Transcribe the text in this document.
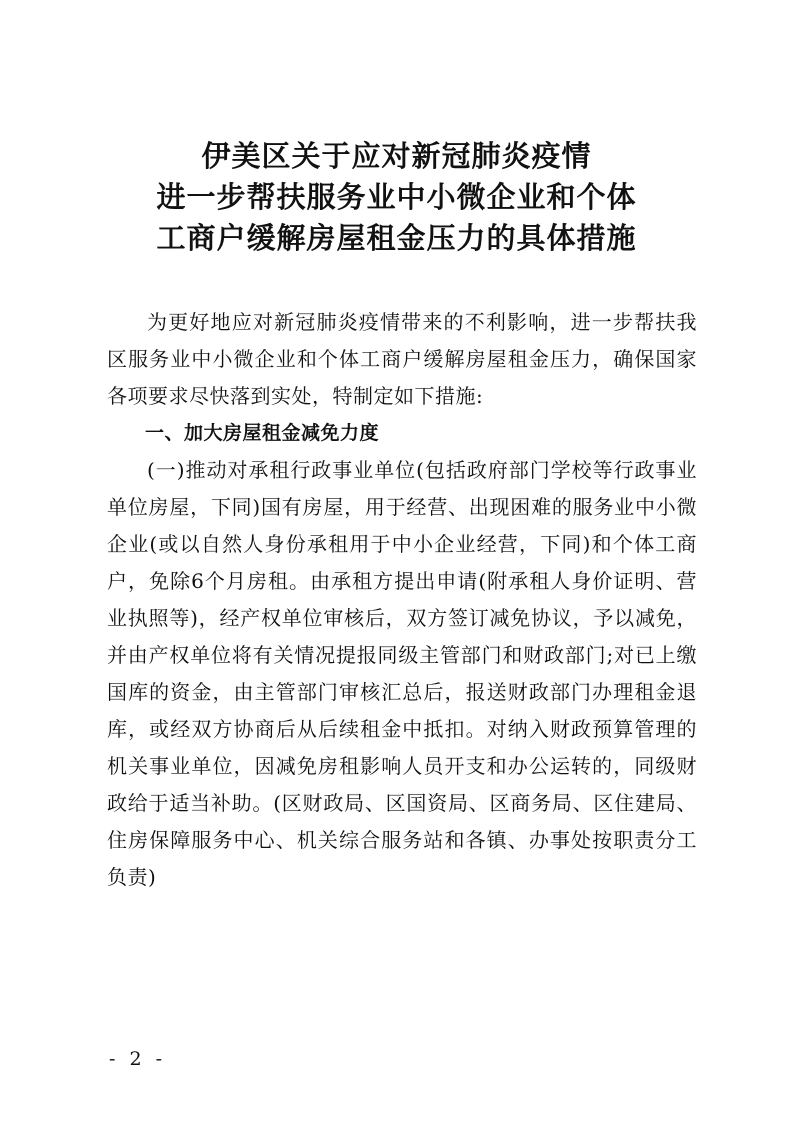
伊美区关于应对新冠肺炎疫情
进一步帮扶服务业中小微企业和个体
工商户缓解房屋租金压力的具体措施

为更好地应对新冠肺炎疫情带来的不利影响，进一步帮扶我区服务业中小微企业和个体工商户缓解房屋租金压力，确保国家各项要求尽快落到实处，特制定如下措施:

一、加大房屋租金减免力度

(一)推动对承租行政事业单位(包括政府部门学校等行政事业单位房屋，下同)国有房屋，用于经营、出现困难的服务业中小微企业(或以自然人身份承租用于中小企业经营，下同)和个体工商户，免除6个月房租。由承租方提出申请(附承租人身价证明、营业执照等)，经产权单位审核后，双方签订减免协议，予以减免，并由产权单位将有关情况提报同级主管部门和财政部门;对已上缴国库的资金，由主管部门审核汇总后，报送财政部门办理租金退库，或经双方协商后从后续租金中抵扣。对纳入财政预算管理的机关事业单位，因减免房租影响人员开支和办公运转的，同级财政给于适当补助。(区财政局、区国资局、区商务局、区住建局、住房保障服务中心、机关综合服务站和各镇、办事处按职责分工负责)

- 2 -
